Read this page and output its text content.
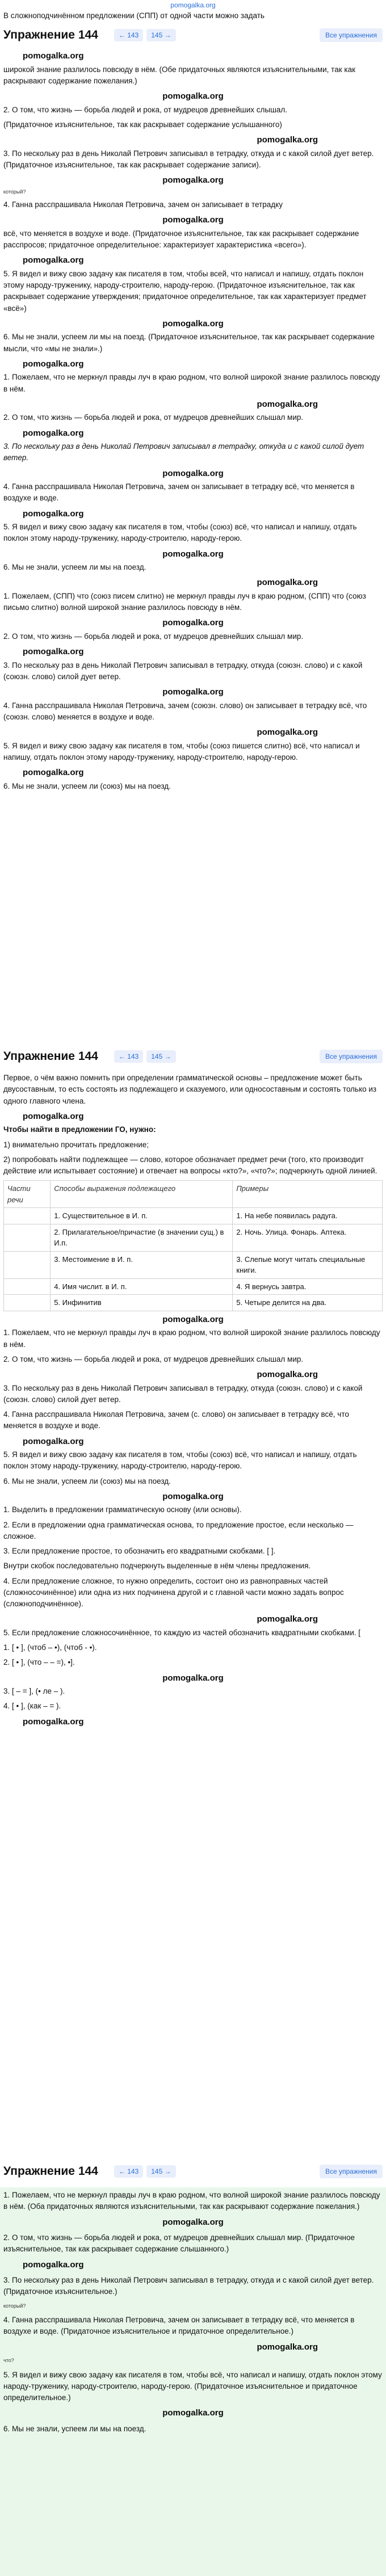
pomogalka.org
В сложноподчинённом предложении (СПП) от одной части можно задать
Упражнение 144	← 143	145 →	Все упражнения
pomogalka.org
широкой знание разлилось повсюду в нём. (Обе придаточных являются изъяснительными, так как раскрывают содержание пожелания.)
pomogalka.org
2. О том, что жизнь — борьба людей и рока, от мудрецов древнейших слышал.
(Придаточное изъяснительное, так как раскрывает содержание услышанного)
pomogalka.org
3. По нескольку раз в день Николай Петрович записывал в тетрадку, откуда и с какой силой дует ветер. (Придаточное изъяснительное, так как раскрывает содержание записи).
pomogalka.org
который?
4. Ганна расспрашивала Николая Петровича, зачем он записывает в тетрадку
pomogalka.org
всё, что меняется в воздухе и воде. (Придаточное изъяснительное, так как раскрывает содержание расспросов; придаточное определительное: характеризует характеристика «всего»).
pomogalka.org
5. Я видел и вижу свою задачу как писателя в том, чтобы всей, что написал и напишу, отдать поклон этому народу-труженику, народу-строителю, народу-герою. (Придаточное изъяснительное, так как раскрывает содержание утверждения; придаточное определительное, так как характеризует предмет «всё»)
pomogalka.org
6. Мы не знали, успеем ли мы на поезд. (Придаточное изъяснительное, так как раскрывает содержание мысли, что «мы не знали».)
pomogalka.org
1. Пожелаем, что не меркнул правды луч в краю родном, что волной широкой знание разлилось повсюду в нём.
pomogalka.org
2. О том, что жизнь — борьба людей и рока, от мудрецов древнейших слышал мир.
pomogalka.org
3. По нескольку раз в день Николай Петрович записывал в тетрадку, откуда и с какой силой дует ветер.
pomogalka.org
4. Ганна расспрашивала Николая Петровича, зачем он записывает в тетрадку всё, что меняется в воздухе и воде.
pomogalka.org
5. Я видел и вижу свою задачу как писателя в том, чтобы (союз) всё, что написал и напишу, отдать поклон этому народу-труженику, народу-строителю, народу-герою.
pomogalka.org
6. Мы не знали, успеем ли мы на поезд.
pomogalka.org
1. Пожелаем, (СПП) что (союз писем слитно) не меркнул правды луч в краю родном, (СПП) что (союз письмо слитно) волной широкой знание разлилось повсюду в нём.
pomogalka.org
2. О том, что жизнь — борьба людей и рока, от мудрецов древнейших слышал мир.
pomogalka.org
3. По нескольку раз в день Николай Петрович записывал в тетрадку, откуда (союзн. слово) и с какой (союзн. слово) силой дует ветер.
pomogalka.org
4. Ганна расспрашивала Николая Петровича, зачем (союзн. слово) он записывает в тетрадку всё, что (союзн. слово) меняется в воздухе и воде.
pomogalka.org
5. Я видел и вижу свою задачу как писателя в том, чтобы (союз пишется слитно) всё, что написал и напишу, отдать поклон этому народу-труженику, народу-строителю, народу-герою.
pomogalka.org
6. Мы не знали, успеем ли (союз) мы на поезд.
Упражнение 144	← 143	145 →	Все упражнения
Первое, о чём важно помнить при определении грамматической основы – предложение может быть двусоставным, то есть состоять из подлежащего и сказуемого, или односоставным и состоять только из одного главного члена.
pomogalka.org
Чтобы найти в предложении ГО, нужно:
1) внимательно прочитать предложение;
2) попробовать найти подлежащее — слово, которое обозначает предмет речи (того, кто производит действие или испытывает состояние) и отвечает на вопросы «кто?», «что?»; подчеркнуть одной линией.
Части речи	Способы выражения подлежащего	Примеры
	1. Существительное в И. п.	1. На небе появилась радуга.
	2. Прилагательное/причастие (в значении сущ.) в И.п.	2. Ночь. Улица. Фонарь. Аптека.
	3. Местоимение в И. п.	3. Слепые могут читать специальные книги.
	4. Имя числит. в И. п.	4. Я вернусь завтра.
	5. Инфинитив	5. Четыре делится на два.
pomogalka.org
1. Пожелаем, что не меркнул правды луч в краю родном, что волной широкой знание разлилось повсюду в нём.
2. О том, что жизнь — борьба людей и рока, от мудрецов древнейших слышал мир.
pomogalka.org
3. По нескольку раз в день Николай Петрович записывал в тетрадку, откуда (союзн. слово) и с какой (союзн. слово) силой дует ветер.
4. Ганна расспрашивала Николая Петровича, зачем (с. слово) он записывает в тетрадку всё, что меняется в воздухе и воде.
pomogalka.org
5. Я видел и вижу свою задачу как писателя в том, чтобы (союз) всё, что написал и напишу, отдать поклон этому народу-труженику, народу-строителю, народу-герою.
6. Мы не знали, успеем ли (союз) мы на поезд.
pomogalka.org
1. Выделить в предложении грамматическую основу (или основы).
2. Если в предложении одна грамматическая основа, то предложение простое, если несколько — сложное.
3. Если предложение простое, то обозначить его квадратными скобками. [ ].
Внутри скобок последовательно подчеркнуть выделенные в нём члены предложения.
4. Если предложение сложное, то нужно определить, состоит оно из равноправных частей (сложносочинённое) или одна из них подчинена другой и с главной части можно задать вопрос (сложноподчинённое).
pomogalka.org
5. Если предложение сложносочинённое, то каждую из частей обозначить квадратными скобками. [
1. [ • ], (чтоб – •), (чтоб - •).
2. [ • ], (что – – =), •].
pomogalka.org
3. [ – = ], (• ле – ).
4. [ • ], (как – = ).
pomogalka.org
Упражнение 144	← 143	145 →	Все упражнения
1. Пожелаем, что не меркнул правды луч в краю родном, что волной широкой знание разлилось повсюду в нём. (Оба придаточных являются изъяснительными, так как раскрывают содержание пожелания.)
pomogalka.org
2. О том, что жизнь — борьба людей и рока, от мудрецов древнейших слышал мир. (Придаточное изъяснительное, так как раскрывает содержание слышанного.)
pomogalka.org
3. По нескольку раз в день Николай Петрович записывал в тетрадку, откуда и с какой силой дует ветер. (Придаточное изъяснительное.)
который?
4. Ганна расспрашивала Николая Петровича, зачем он записывает в тетрадку всё, что меняется в воздухе и воде. (Придаточное изъяснительное и придаточное определительное.)
pomogalka.org
что?
5. Я видел и вижу свою задачу как писателя в том, чтобы всё, что написал и напишу, отдать поклон этому народу-труженику, народу-строителю, народу-герою. (Придаточное изъяснительное и придаточное определительное.)
pomogalka.org
6. Мы не знали, успеем ли мы на поезд.
